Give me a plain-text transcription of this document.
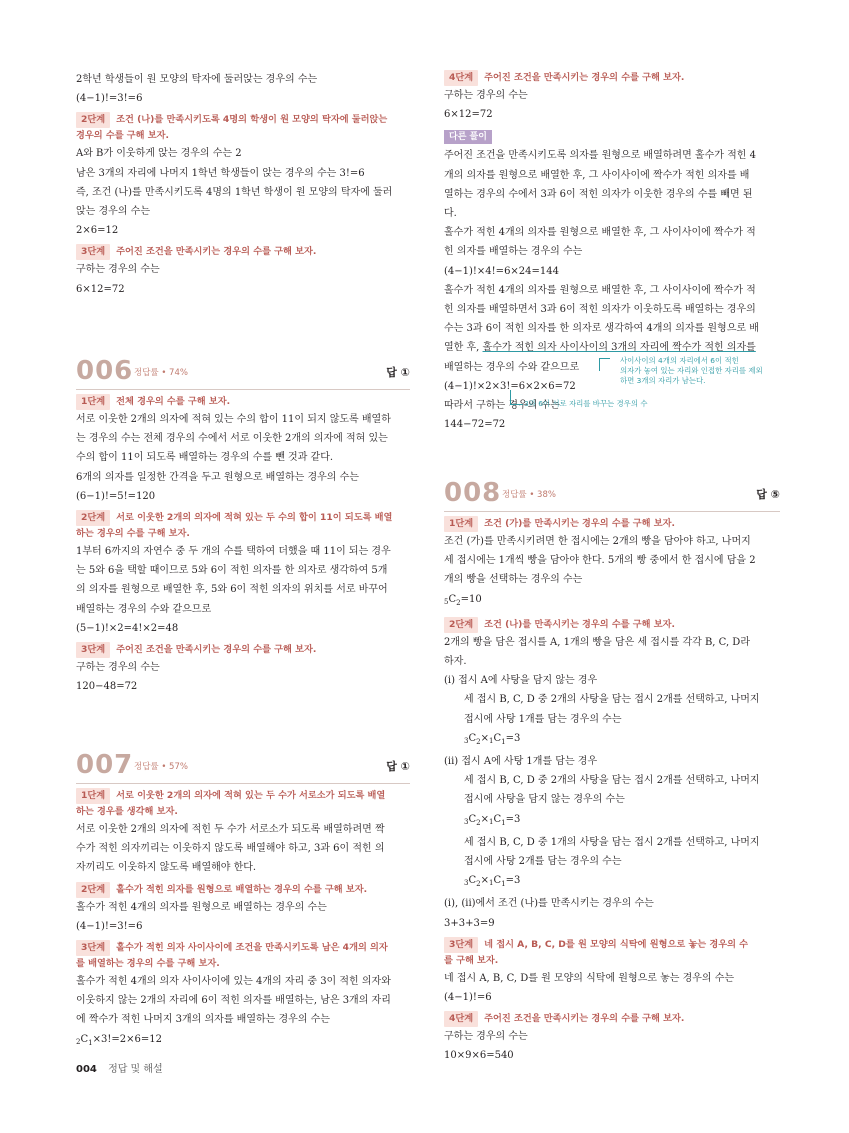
2학년 학생들이 원 모양의 탁자에 둘러앉는 경우의 수는

(4−1)!=3!=6

2단계 조건 (나)를 만족시키도록 4명의 학생이 원 모양의 탁자에 둘러앉는
경우의 수를 구해 보자.

A와 B가 이웃하게 앉는 경우의 수는 2

남은 3개의 자리에 나머지 1학년 학생들이 앉는 경우의 수는 3!=6

즉, 조건 (나)를 만족시키도록 4명의 1학년 학생이 원 모양의 탁자에 둘러

앉는 경우의 수는

2×6=12

3단계 주어진 조건을 만족시키는 경우의 수를 구해 보자.

구하는 경우의 수는

6×12=72

006 정답률 • 74%	답 ①
1단계 전체 경우의 수를 구해 보자.

서로 이웃한 2개의 의자에 적혀 있는 수의 합이 11이 되지 않도록 배열하

는 경우의 수는 전체 경우의 수에서 서로 이웃한 2개의 의자에 적혀 있는

수의 합이 11이 되도록 배열하는 경우의 수를 뺀 것과 같다.

6개의 의자를 일정한 간격을 두고 원형으로 배열하는 경우의 수는

(6−1)!=5!=120

2단계 서로 이웃한 2개의 의자에 적혀 있는 두 수의 합이 11이 되도록 배열
하는 경우의 수를 구해 보자.

1부터 6까지의 자연수 중 두 개의 수를 택하여 더했을 때 11이 되는 경우

는 5와 6을 택할 때이므로 5와 6이 적힌 의자를 한 의자로 생각하여 5개

의 의자를 원형으로 배열한 후, 5와 6이 적힌 의자의 위치를 서로 바꾸어

배열하는 경우의 수와 같으므로

(5−1)!×2=4!×2=48

3단계 주어진 조건을 만족시키는 경우의 수를 구해 보자.

구하는 경우의 수는

120−48=72

007 정답률 • 57%	답 ①
1단계 서로 이웃한 2개의 의자에 적혀 있는 두 수가 서로소가 되도록 배열
하는 경우를 생각해 보자.

서로 이웃한 2개의 의자에 적힌 두 수가 서로소가 되도록 배열하려면 짝

수가 적힌 의자끼리는 이웃하지 않도록 배열해야 하고, 3과 6이 적힌 의

자끼리도 이웃하지 않도록 배열해야 한다.

2단계 홀수가 적힌 의자를 원형으로 배열하는 경우의 수를 구해 보자.

홀수가 적힌 4개의 의자를 원형으로 배열하는 경우의 수는

(4−1)!=3!=6

3단계 홀수가 적힌 의자 사이사이에 조건을 만족시키도록 남은 4개의 의자
를 배열하는 경우의 수를 구해 보자.

홀수가 적힌 4개의 의자 사이사이에 있는 4개의 자리 중 3이 적힌 의자와

이웃하지 않는 2개의 자리에 6이 적힌 의자를 배열하는, 남은 3개의 자리

에 짝수가 적힌 나머지 3개의 의자를 배열하는 경우의 수는

$_2C_1\times 3!=2\times 6=12$

4단계 주어진 조건을 만족시키는 경우의 수를 구해 보자.

구하는 경우의 수는

6×12=72

다른 풀이

주어진 조건을 만족시키도록 의자를 원형으로 배열하려면 홀수가 적힌 4

개의 의자를 원형으로 배열한 후, 그 사이사이에 짝수가 적힌 의자를 배

열하는 경우의 수에서 3과 6이 적힌 의자가 이웃한 경우의 수를 빼면 된

다.

홀수가 적힌 4개의 의자를 원형으로 배열한 후, 그 사이사이에 짝수가 적

힌 의자를 배열하는 경우의 수는

(4−1)!×4!=6×24=144

홀수가 적힌 4개의 의자를 원형으로 배열한 후, 그 사이사이에 짝수가 적

힌 의자를 배열하면서 3과 6이 적힌 의자가 이웃하도록 배열하는 경우의

수는 3과 6이 적힌 의자를 한 의자로 생각하여 4개의 의자를 원형으로 배

열한 후, 홀수가 적힌 의자 사이사이의 3개의 자리에 짝수가 적힌 의자를

배열하는 경우의 수와 같으므로

(4−1)!×2×3!=6×2×6=72

따라서 구하는 경우의 수는

144−72=72

사이사이의 4개의 자리에서 6이 적힌
의자가 놓여 있는 자리와 인접한 자리를 제외
하면 3개의 자리가 남는다.
3과 6이 서로 자리를 바꾸는 경우의 수
008 정답률 • 38%	답 ⑤
1단계 조건 (가)를 만족시키는 경우의 수를 구해 보자.

조건 (가)를 만족시키려면 한 접시에는 2개의 빵을 담아야 하고, 나머지

세 접시에는 1개씩 빵을 담아야 한다. 5개의 빵 중에서 한 접시에 담을 2

개의 빵을 선택하는 경우의 수는

$_5C_2=10$

2단계 조건 (나)를 만족시키는 경우의 수를 구해 보자.

2개의 빵을 담은 접시를 A, 1개의 빵을 담은 세 접시를 각각 B, C, D라

하자.

(i) 접시 A에 사탕을 담지 않는 경우

세 접시 B, C, D 중 2개의 사탕을 담는 접시 2개를 선택하고, 나머지

접시에 사탕 1개를 담는 경우의 수는

$_3C_2\times_1C_1=3$

(ii) 접시 A에 사탕 1개를 담는 경우

세 접시 B, C, D 중 2개의 사탕을 담는 접시 2개를 선택하고, 나머지

접시에 사탕을 담지 않는 경우의 수는

$_3C_2\times_1C_1=3$

세 접시 B, C, D 중 1개의 사탕을 담는 접시 2개를 선택하고, 나머지

접시에 사탕 2개를 담는 경우의 수는

$_3C_2\times_1C_1=3$

(i), (ii)에서 조건 (나)를 만족시키는 경우의 수는

3+3+3=9

3단계 네 접시 A, B, C, D를 원 모양의 식탁에 원형으로 놓는 경우의 수
를 구해 보자.

네 접시 A, B, C, D를 원 모양의 식탁에 원형으로 놓는 경우의 수는

(4−1)!=6

4단계 주어진 조건을 만족시키는 경우의 수를 구해 보자.

구하는 경우의 수는

10×9×6=540

004 정답 및 해설
